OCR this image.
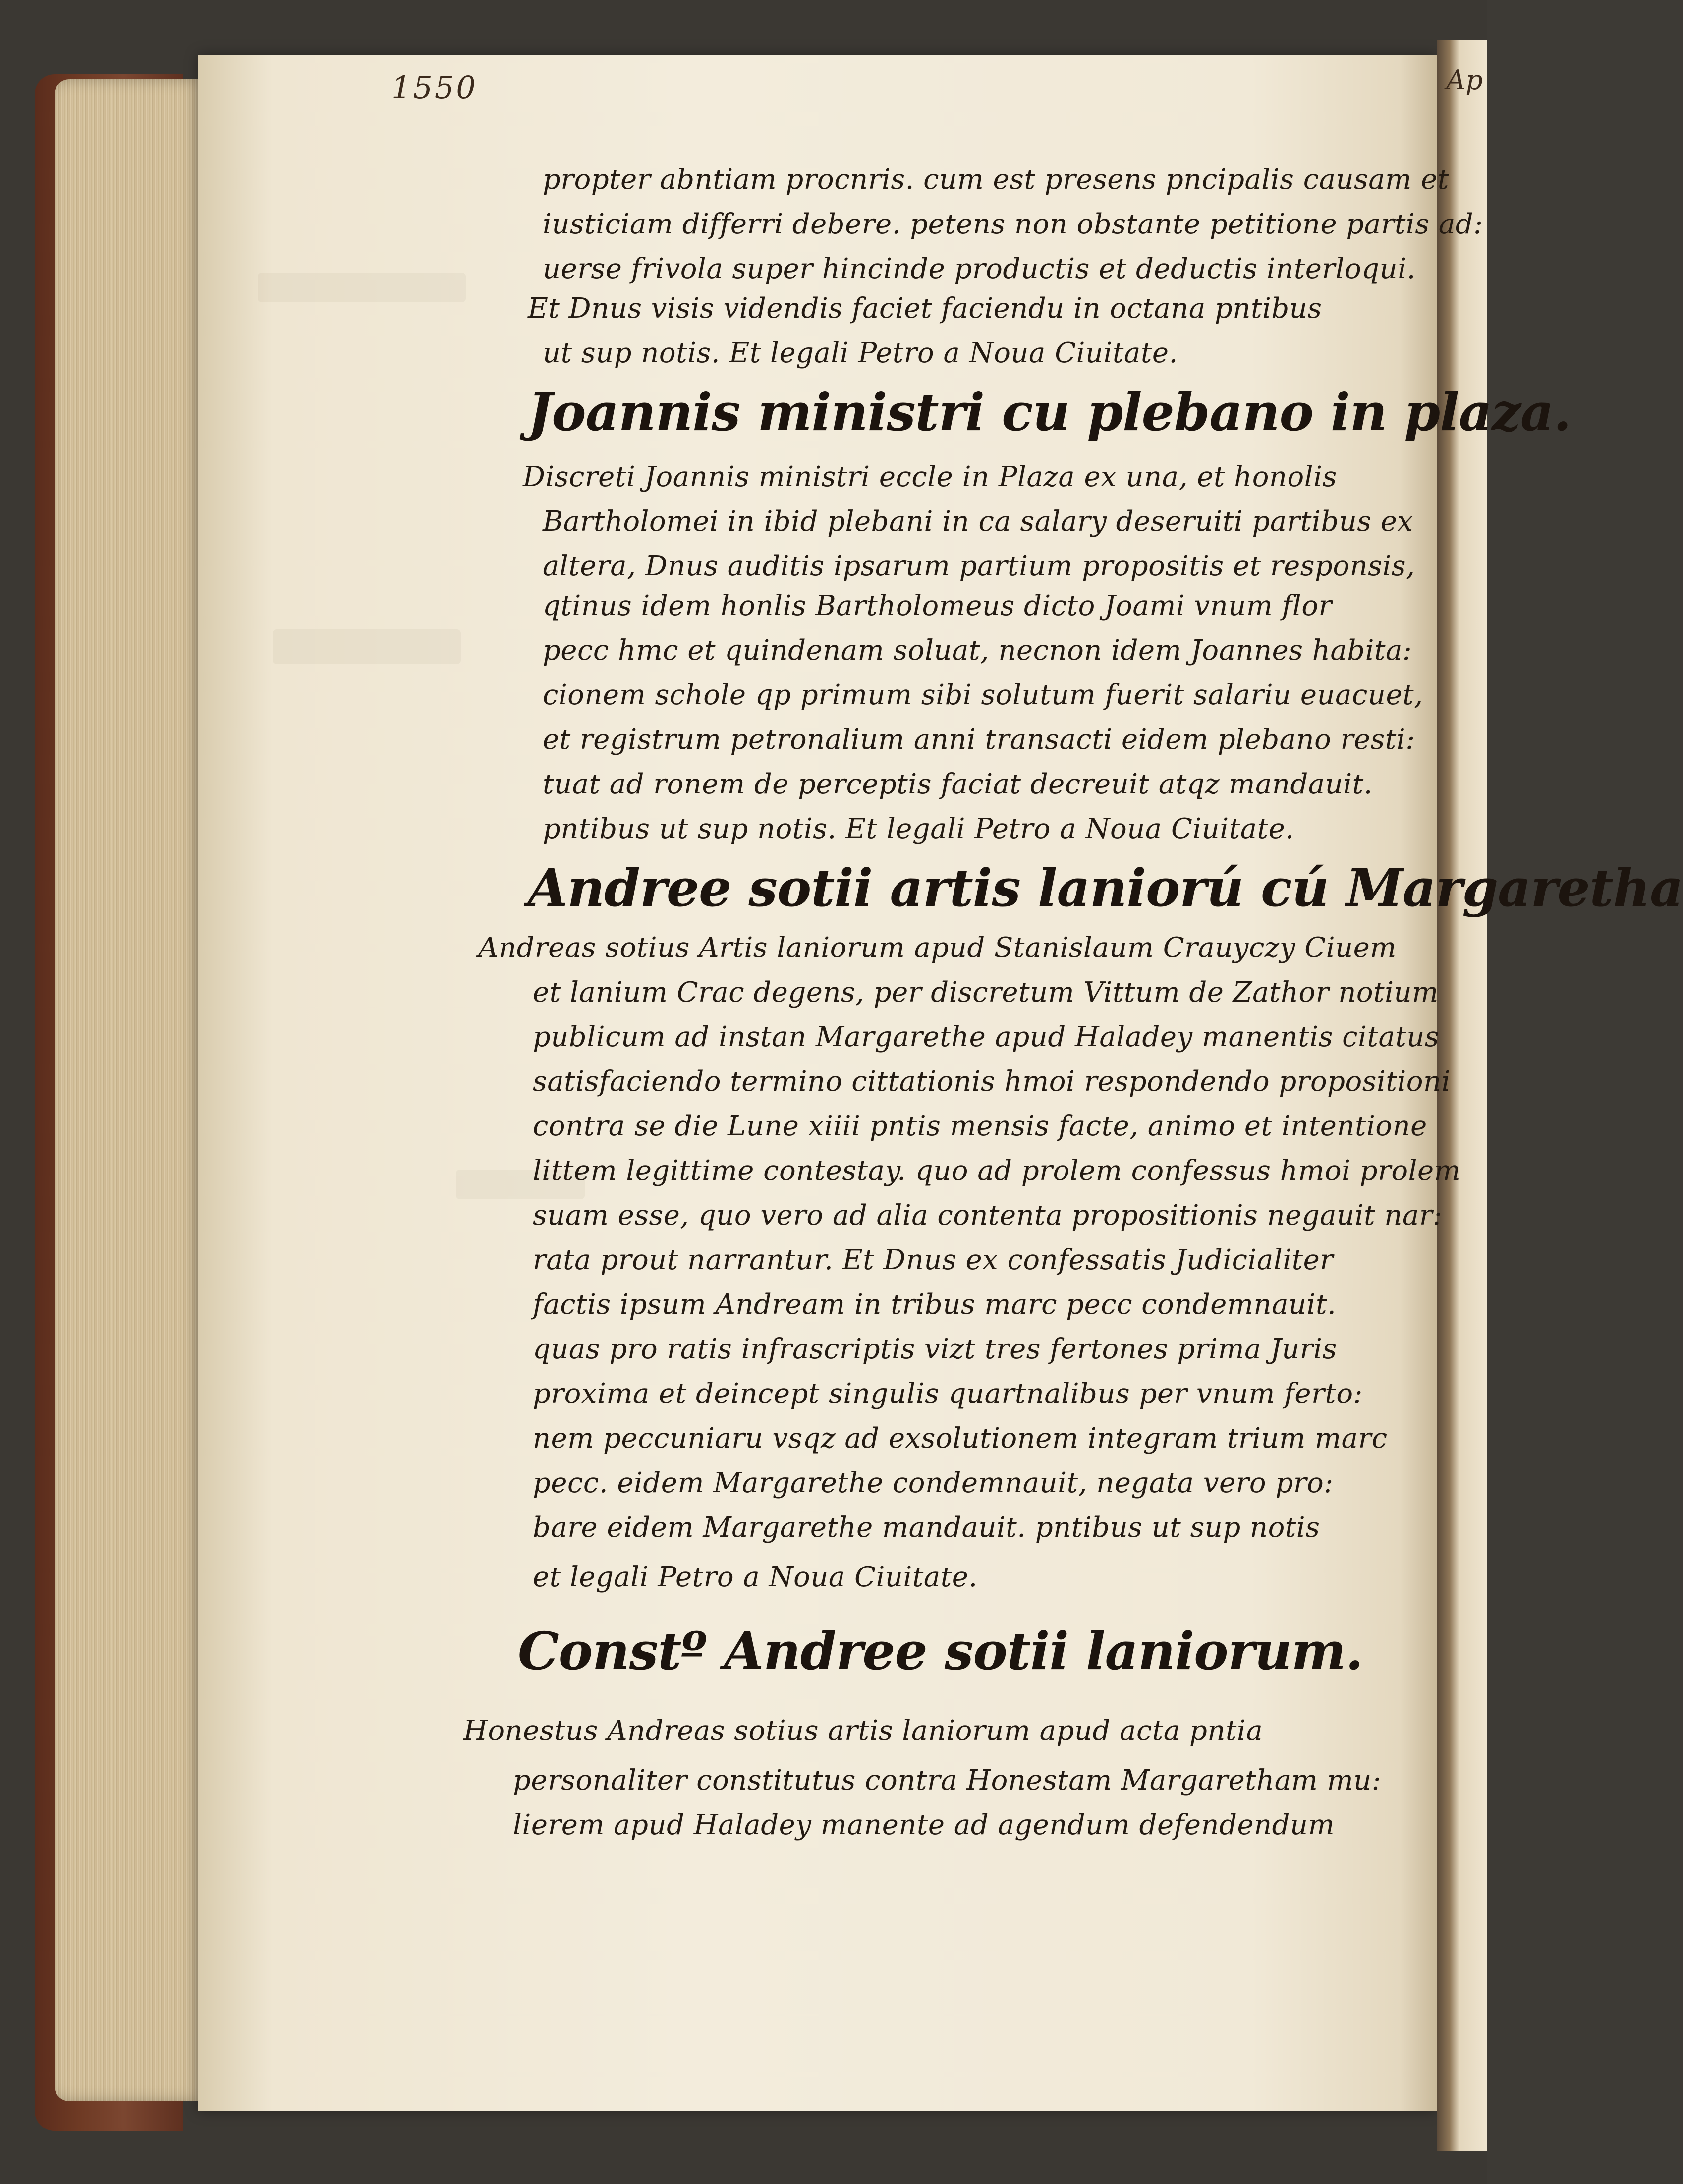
1550	Ap
propter abntiam procnris. cum est presens pncipalis causam et
iusticiam differri debere. petens non obstante petitione partis ad:
uerse frivola super hincinde productis et deductis interloqui.
Et Dnus visis videndis faciet faciendu in octana pntibus
ut sup notis. Et legali Petro a Noua Ciuitate.
Joannis ministri cu plebano in plaza.
Discreti Joannis ministri eccle in Plaza ex una, et honolis
Bartholomei in ibid plebani in ca salary deseruiti partibus ex
altera, Dnus auditis ipsarum partium propositis et responsis,
qtinus idem honlis Bartholomeus dicto Joami vnum flor
pecc hmc et quindenam soluat, necnon idem Joannes habita:
cionem schole qp primum sibi solutum fuerit salariu euacuet,
et registrum petronalium anni transacti eidem plebano resti:
tuat ad ronem de perceptis faciat decreuit atqz mandauit.
pntibus ut sup notis. Et legali Petro a Noua Ciuitate.
Andree sotii artis laniorú cú Margaretha
Andreas sotius Artis laniorum apud Stanislaum Crauyczy Ciuem
et lanium Crac degens, per discretum Vittum de Zathor notium
publicum ad instan Margarethe apud Haladey manentis citatus
satisfaciendo termino cittationis hmoi respondendo propositioni
contra se die Lune xiiii pntis mensis facte, animo et intentione
littem legittime contestay. quo ad prolem confessus hmoi prolem
suam esse, quo vero ad alia contenta propositionis negauit nar:
rata prout narrantur. Et Dnus ex confessatis Judicialiter
factis ipsum Andream in tribus marc pecc condemnauit.
quas pro ratis infrascriptis vizt tres fertones prima Juris
proxima et deincept singulis quartnalibus per vnum ferto:
nem peccuniaru vsqz ad exsolutionem integram trium marc
pecc. eidem Margarethe condemnauit, negata vero pro:
bare eidem Margarethe mandauit. pntibus ut sup notis
et legali Petro a Noua Ciuitate.
Constº Andree sotii laniorum.
Honestus Andreas sotius artis laniorum apud acta pntia
personaliter constitutus contra Honestam Margaretham mu:
lierem apud Haladey manente ad agendum defendendum
